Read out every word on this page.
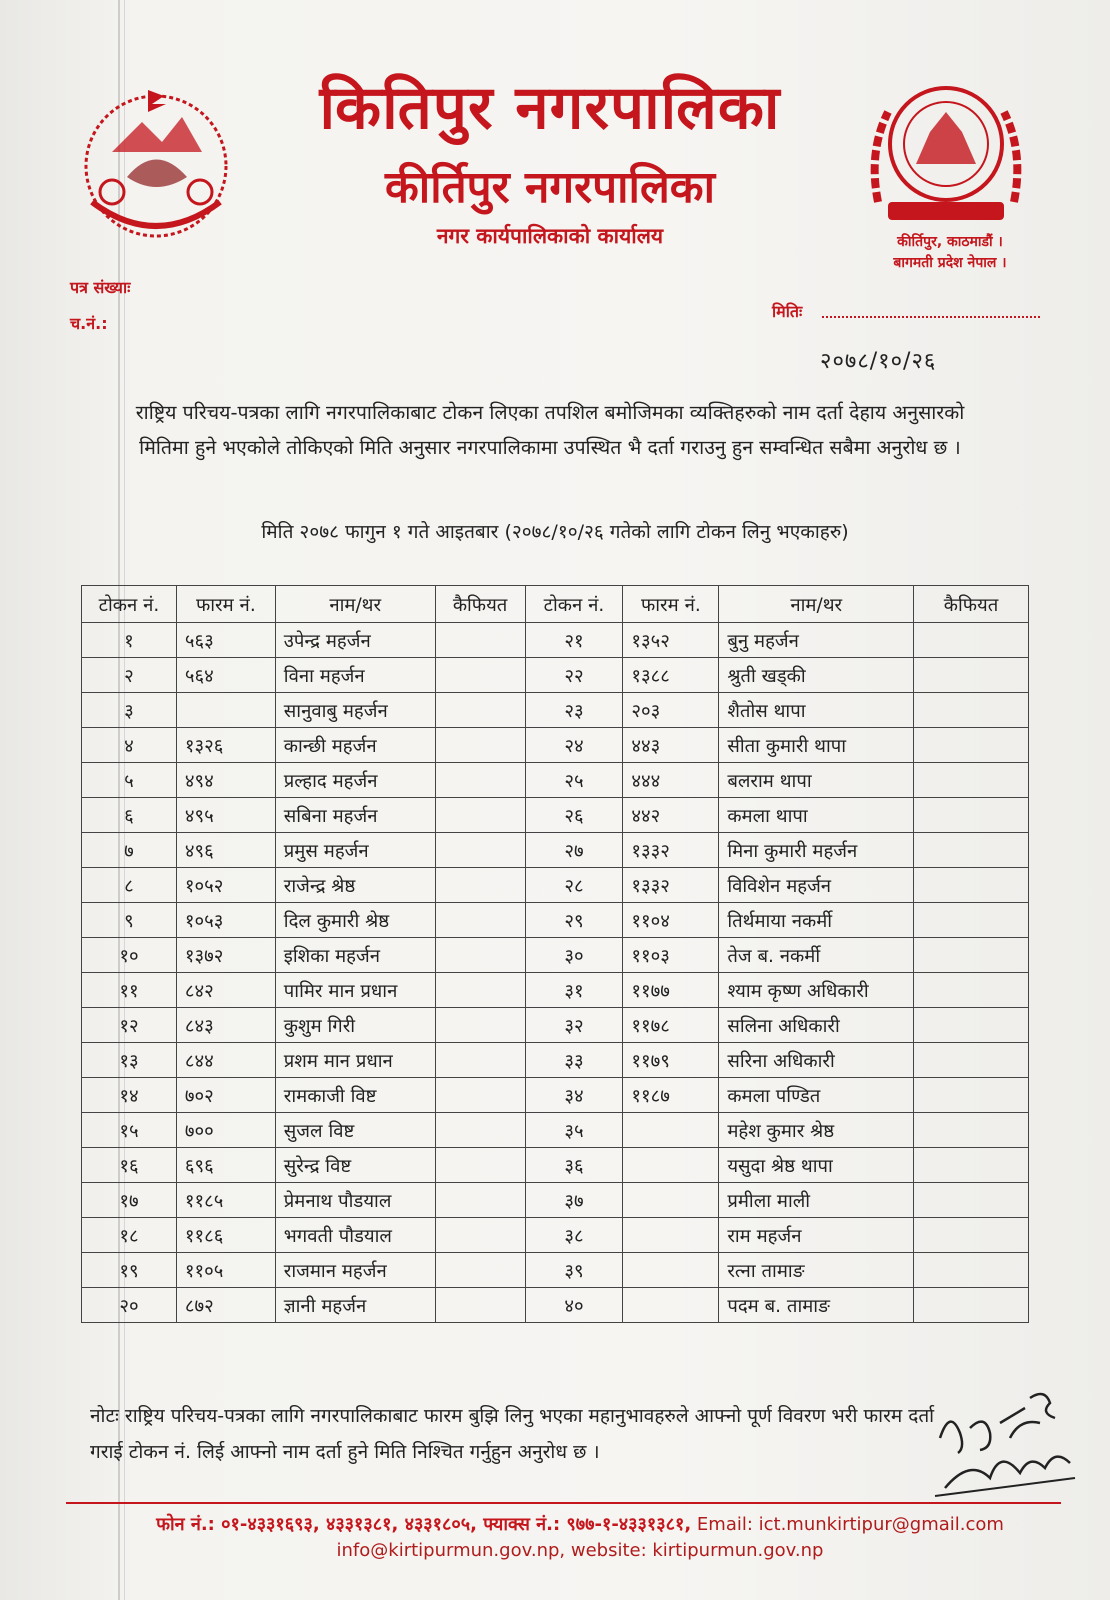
कितिपुर नगरपालिका
कीर्तिपुर नगरपालिका
नगर कार्यपालिकाको कार्यालय	कीर्तिपुर, काठमाडौं ।
बागमती प्रदेश नेपाल ।
पत्र संख्याः
च.नं.:
मितिः
२०७८/१०/२६
राष्ट्रिय परिचय-पत्रका लागि नगरपालिकाबाट टोकन लिएका तपशिल बमोजिमका व्यक्तिहरुको नाम दर्ता देहाय अनुसारको मितिमा हुने भएकोले तोकिएको मिति अनुसार नगरपालिकामा उपस्थित भै दर्ता गराउनु हुन सम्वन्धित सबैमा अनुरोध छ ।
मिति २०७८ फागुन १ गते आइतबार (२०७८/१०/२६ गतेको लागि टोकन लिनु भएकाहरु)
टोकन नं.	फारम नं.	नाम/थर	कैफियत	टोकन नं.	फारम नं.	नाम/थर	कैफियत
१	५६३	उपेन्द्र महर्जन		२१	१३५२	बुनु महर्जन	
२	५६४	विना महर्जन		२२	१३८८	श्रुती खड्की	
३		सानुवाबु महर्जन		२३	२०३	शैतोस थापा	
४	१३२६	कान्छी महर्जन		२४	४४३	सीता कुमारी थापा	
५	४९४	प्रल्हाद महर्जन		२५	४४४	बलराम थापा	
६	४९५	सबिना महर्जन		२६	४४२	कमला थापा	
७	४९६	प्रमुस महर्जन		२७	१३३२	मिना कुमारी महर्जन	
८	१०५२	राजेन्द्र श्रेष्ठ		२८	१३३२	विविशेन महर्जन	
९	१०५३	दिल कुमारी श्रेष्ठ		२९	११०४	तिर्थमाया नकर्मी	
१०	१३७२	इशिका महर्जन		३०	११०३	तेज ब. नकर्मी	
११	८४२	पामिर मान प्रधान		३१	११७७	श्याम कृष्ण अधिकारी	
१२	८४३	कुशुम गिरी		३२	११७८	सलिना अधिकारी	
१३	८४४	प्रशम मान प्रधान		३३	११७९	सरिना अधिकारी	
१४	७०२	रामकाजी विष्ट		३४	११८७	कमला पण्डित	
१५	७००	सुजल विष्ट		३५		महेश कुमार श्रेष्ठ	
१६	६९६	सुरेन्द्र विष्ट		३६		यसुदा श्रेष्ठ थापा	
१७	११८५	प्रेमनाथ पौडयाल		३७		प्रमीला माली	
१८	११८६	भगवती पौडयाल		३८		राम महर्जन	
१९	११०५	राजमान महर्जन		३९		रत्ना तामाङ	
२०	८७२	ज्ञानी महर्जन		४०		पदम ब. तामाङ	
नोटः राष्ट्रिय परिचय-पत्रका लागि नगरपालिकाबाट फारम बुझि लिनु भएका महानुभावहरुले आफ्नो पूर्ण विवरण भरी फारम दर्ता गराई टोकन नं. लिई आफ्नो नाम दर्ता हुने मिति निश्चित गर्नुहुन अनुरोध छ ।
फोन नं.: ०१-४३३१६९३, ४३३१३८१, ४३३१८०५, फ्याक्स नं.: ९७७-१-४३३१३८१, Email: ict.munkirtipur@gmail.com
info@kirtipurmun.gov.np, website: kirtipurmun.gov.np
